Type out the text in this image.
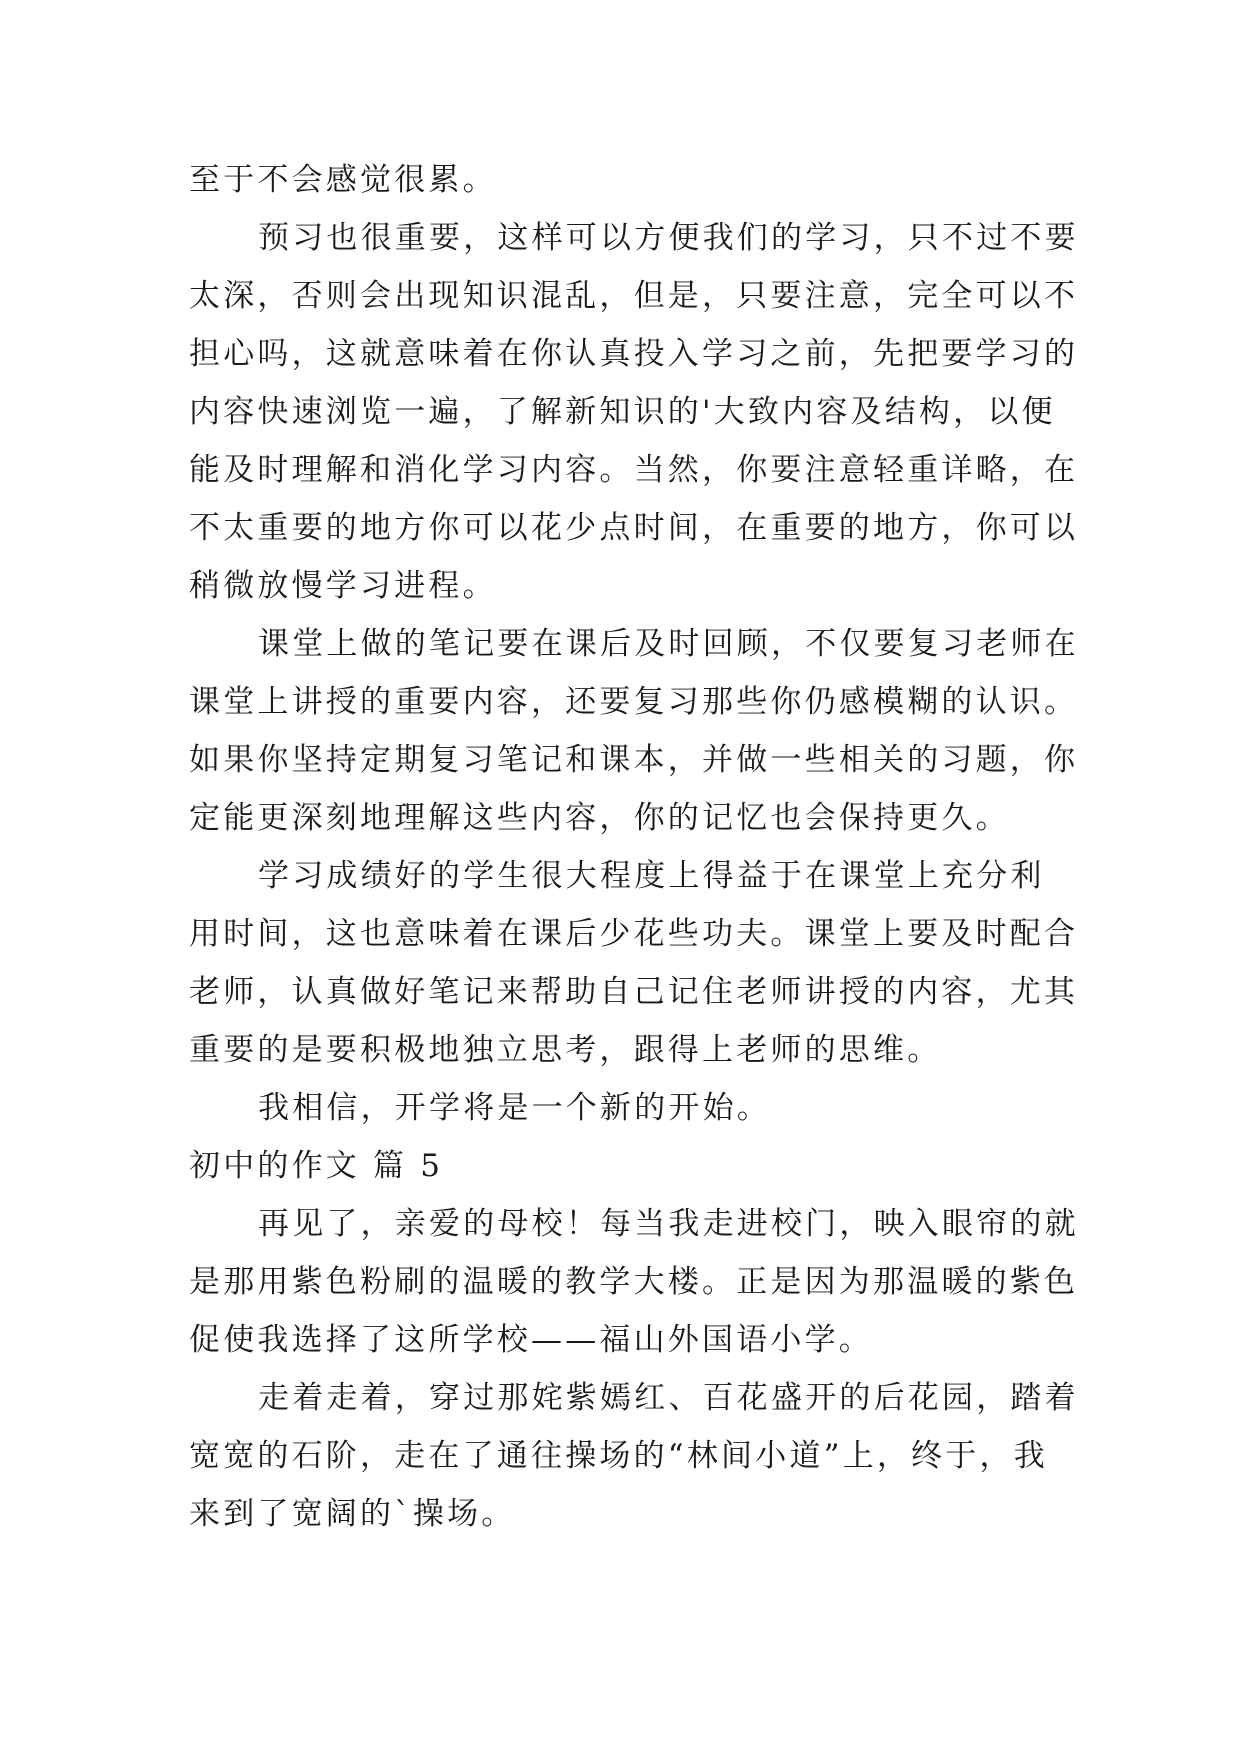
至于不会感觉很累。
预习也很重要，这样可以方便我们的学习，只不过不要
太深，否则会出现知识混乱，但是，只要注意，完全可以不
担心吗，这就意味着在你认真投入学习之前，先把要学习的
内容快速浏览一遍，了解新知识的'大致内容及结构，以便
能及时理解和消化学习内容。当然，你要注意轻重详略，在
不太重要的地方你可以花少点时间，在重要的地方，你可以
稍微放慢学习进程。
课堂上做的笔记要在课后及时回顾，不仅要复习老师在
课堂上讲授的重要内容，还要复习那些你仍感模糊的认识。
如果你坚持定期复习笔记和课本，并做一些相关的习题，你
定能更深刻地理解这些内容，你的记忆也会保持更久。
学习成绩好的学生很大程度上得益于在课堂上充分利
用时间，这也意味着在课后少花些功夫。课堂上要及时配合
老师，认真做好笔记来帮助自己记住老师讲授的内容，尤其
重要的是要积极地独立思考，跟得上老师的思维。
我相信，开学将是一个新的开始。
初中的作文 篇 5
再见了，亲爱的母校！每当我走进校门，映入眼帘的就
是那用紫色粉刷的温暖的教学大楼。正是因为那温暖的紫色
促使我选择了这所学校——福山外国语小学。
走着走着，穿过那姹紫嫣红、百花盛开的后花园，踏着
宽宽的石阶，走在了通往操场的“林间小道”上，终于，我
来到了宽阔的`操场。
